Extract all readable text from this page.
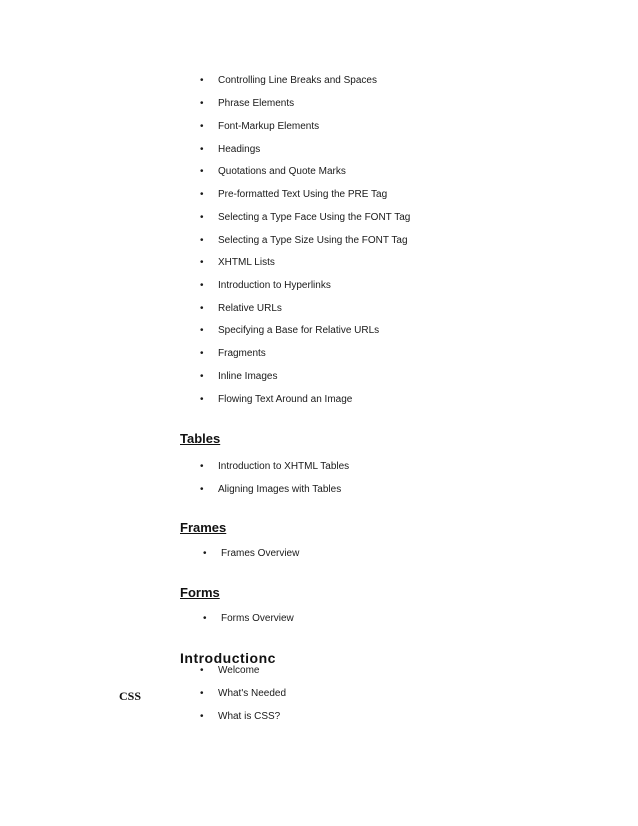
• Controlling Line Breaks and Spaces
• Phrase Elements
• Font-Markup Elements
• Headings
• Quotations and Quote Marks
• Pre-formatted Text Using the PRE Tag
• Selecting a Type Face Using the FONT Tag
• Selecting a Type Size Using the FONT Tag
• XHTML Lists
• Introduction to Hyperlinks
• Relative URLs
• Specifying a Base for Relative URLs
• Fragments
• Inline Images
• Flowing Text Around an Image
Tables
• Introduction to XHTML Tables
• Aligning Images with Tables
Frames
• Frames Overview
Forms
• Forms Overview
Introductionc
CSS
• Welcome
• What's Needed
• What is CSS?
